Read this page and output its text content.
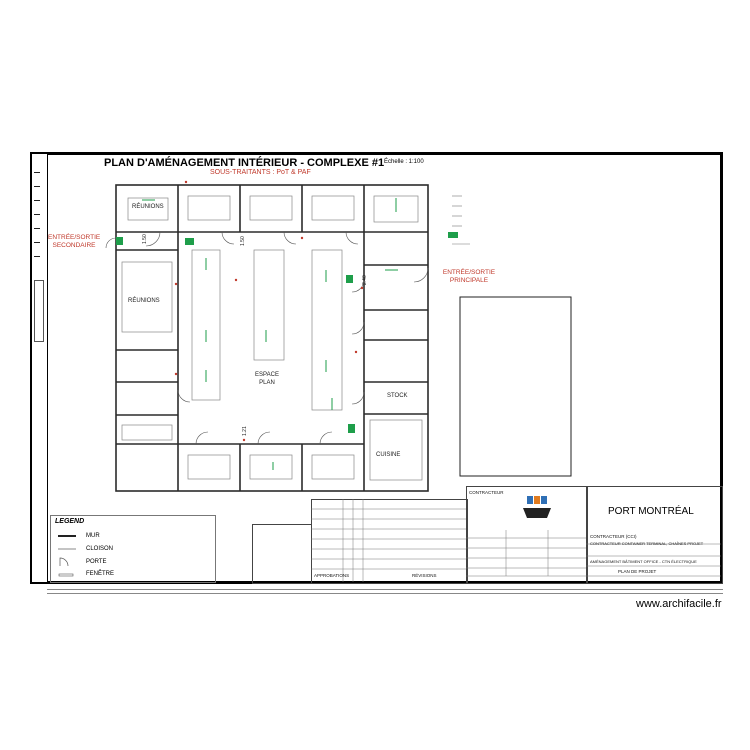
PLAN D'AMÉNAGEMENT INTÉRIEUR - COMPLEXE #1 Échelle : 1:100
SOUS-TRAITANTS : PoT & PAF
1.50	1.50
2.40
1.21
RÉUNIONS
RÉUNIONS
ESPACE PLAN
STOCK
CUISINE
ENTRÉE/SORTIE SECONDAIRE
ENTRÉE/SORTIE PRINCIPALE
LEGEND
MUR
CLOISON
PORTE
FENÊTRE
	RÉVISIONS
APPROBATIONS
CONTRACTEUR
PORT MONTRÉAL
CONTRACTEUR (CCI)
CONTRACTEUR CONTAINER TERMINAL, CHAÎNES PROJET
AMÉNAGEMENT BÂTIMENT OFFICE - CTN ÉLECTRIQUE
PLAN DE PROJET
www.archifacile.fr
